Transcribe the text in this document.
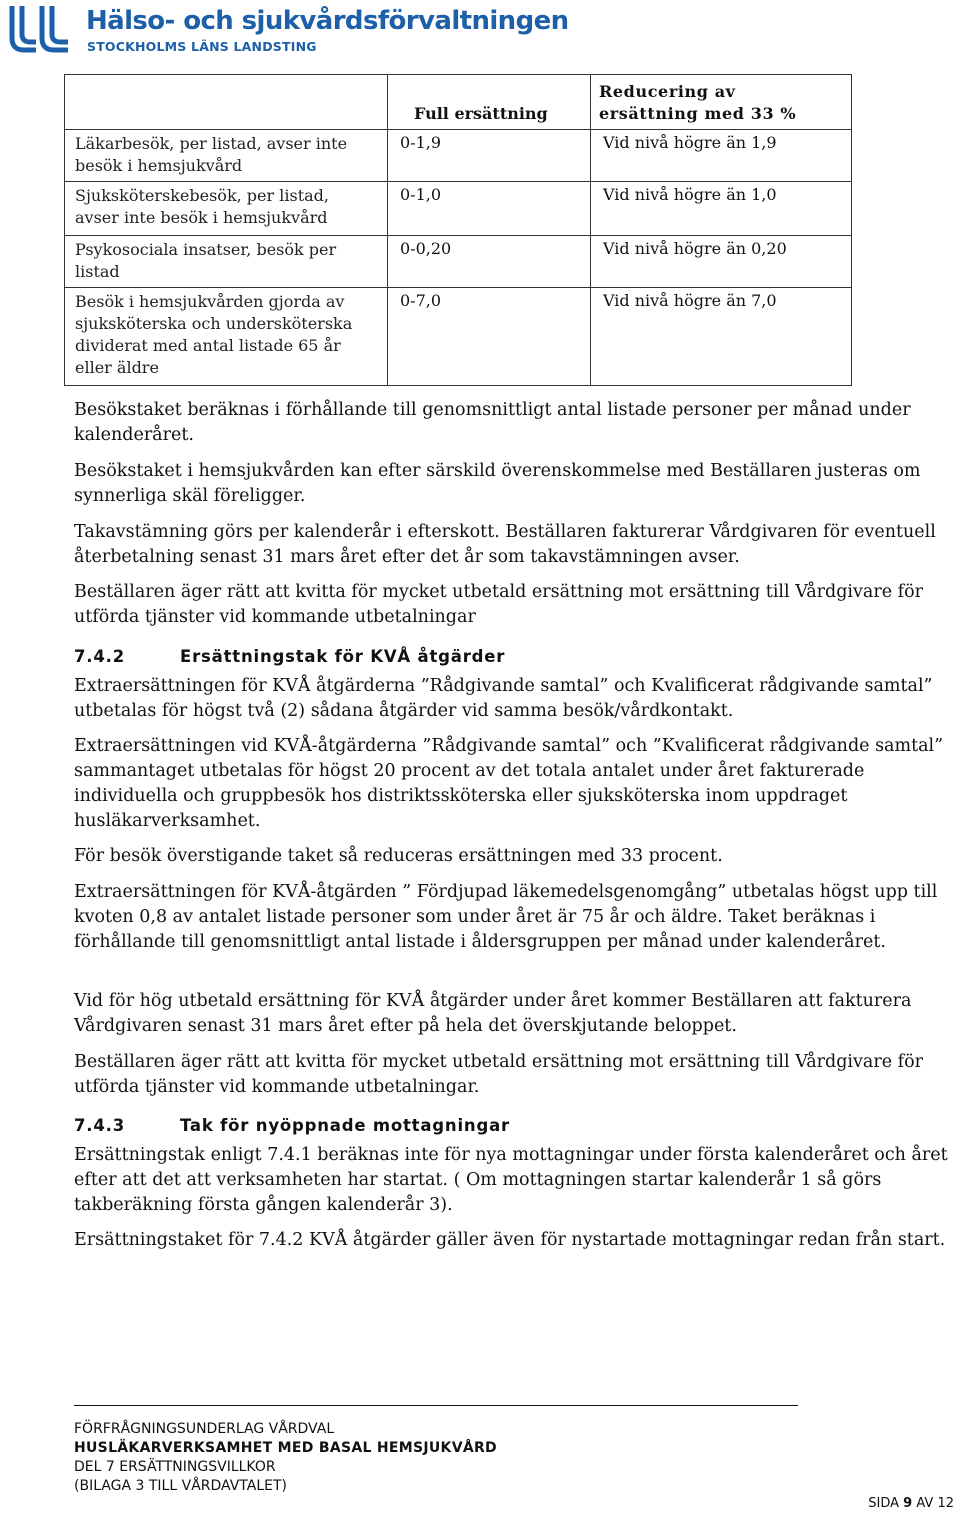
Hälso- och sjukvårdsförvaltningen
STOCKHOLMS LÄNS LANDSTING
	Full ersättning	Reducering av
ersättning med 33 %

Läkarbesök, per listad, avser inte besök i hemsjukvård	0-1,9	Vid nivå högre än 1,9
Sjuksköterskebesök, per listad, avser inte besök i hemsjukvård	0-1,0	Vid nivå högre än 1,0
Psykosociala insatser, besök per listad	0-0,20	Vid nivå högre än 0,20
Besök i hemsjukvården gjorda av sjuksköterska och undersköterska dividerat med antal listade 65 år eller äldre	0-7,0	Vid nivå högre än 7,0

Besökstaket beräknas i förhållande till genomsnittligt antal listade personer per månad under kalenderåret.

Besökstaket i hemsjukvården kan efter särskild överenskommelse med Beställaren justeras om synnerliga skäl föreligger.

Takavstämning görs per kalenderår i efterskott. Beställaren fakturerar Vårdgivaren för eventuell återbetalning senast 31 mars året efter det år som takavstämningen avser.

Beställaren äger rätt att kvitta för mycket utbetald ersättning mot ersättning till Vårdgivare för utförda tjänster vid kommande utbetalningar

7.4.2	Ersättningstak för KVÅ åtgärder

Extraersättningen för KVÅ åtgärderna ”Rådgivande samtal” och Kvalificerat rådgivande samtal” utbetalas för högst två (2) sådana åtgärder vid samma besök/vårdkontakt.

Extraersättningen vid KVÅ-åtgärderna ”Rådgivande samtal” och ”Kvalificerat rådgivande samtal” sammantaget utbetalas för högst 20 procent av det totala antalet under året fakturerade individuella och gruppbesök hos distriktssköterska eller sjuksköterska inom uppdraget husläkarverksamhet.

För besök överstigande taket så reduceras ersättningen med 33 procent.

Extraersättningen för KVÅ-åtgärden ” Fördjupad läkemedelsgenomgång” utbetalas högst upp till kvoten 0,8 av antalet listade personer som under året är 75 år och äldre. Taket beräknas i förhållande till genomsnittligt antal listade i åldersgruppen per månad under kalenderåret.

Vid för hög utbetald ersättning för KVÅ åtgärder under året kommer Beställaren att fakturera Vårdgivaren senast 31 mars året efter på hela det överskjutande beloppet.

Beställaren äger rätt att kvitta för mycket utbetald ersättning mot ersättning till Vårdgivare för utförda tjänster vid kommande utbetalningar.

7.4.3	Tak för nyöppnade mottagningar

Ersättningstak enligt 7.4.1 beräknas inte för nya mottagningar under första kalenderåret och året efter att det att verksamheten har startat. ( Om mottagningen startar kalenderår 1 så görs takberäkning första gången kalenderår 3).

Ersättningstaket för 7.4.2 KVÅ åtgärder gäller även för nystartade mottagningar redan från start.

FÖRFRÅGNINGSUNDERLAG VÅRDVAL
HUSLÄKARVERKSAMHET MED BASAL HEMSJUKVÅRD
DEL 7 ERSÄTTNINGSVILLKOR
(BILAGA 3 TILL VÅRDAVTALET)
SIDA 9 AV 12
